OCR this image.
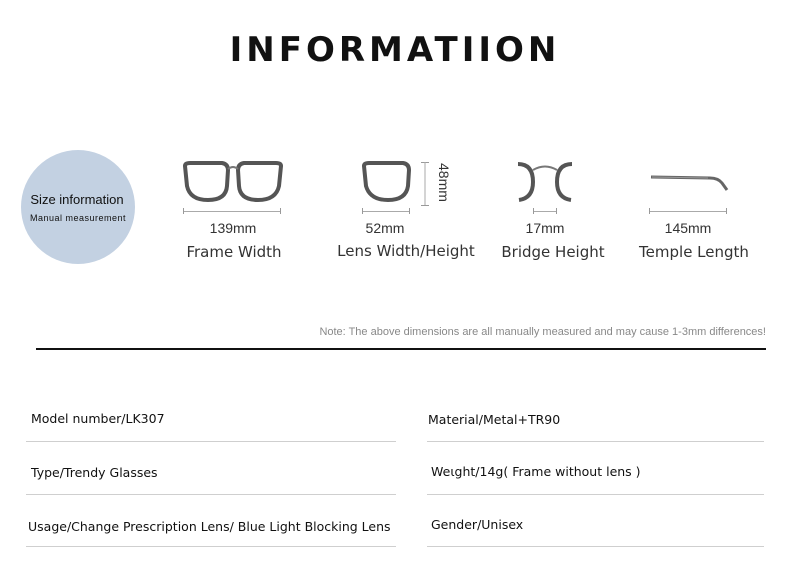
INFORMATIION
Size information
Manual measurement
139mm
Frame Width
48mm
52mm
Lens Width/Height
17mm
Bridge Height
145mm
Temple Length
Note: The above dimensions are all manually measured and may cause 1-3mm differences!
Model number/LK307	Material/Metal+TR90
Type/Trendy Glasses	Weιght/14g( Frame without lens )
Usage/Change Prescription Lens/ Blue Light Blocking Lens	Gender/Unisex
